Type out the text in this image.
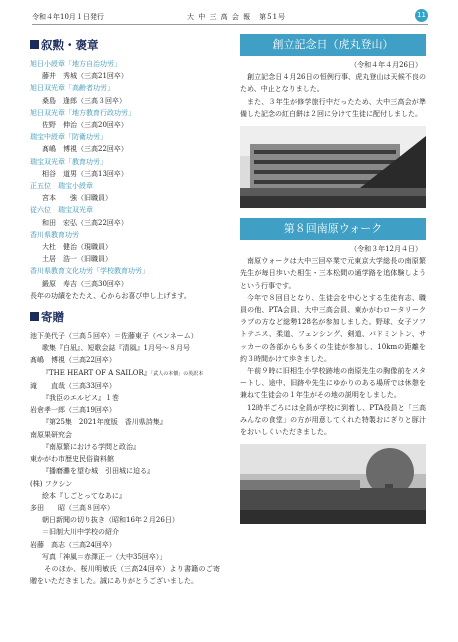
令和４年10月１日発行	大 中 三 高 会 報　第51号	11
叙勲・褒章
旭日小綬章「地方自治功労」
藤井　秀城（三高21回卒）
旭日双光章「高齢者功労」
桑島　逢郎（三高３回卒）
旭日双光章「地方教育行政功労」
佐野　伸治（三高20回卒）
瑞宝中綬章「防衛功労」
髙嶋　博視（三高22回卒）
瑞宝双光章「教育功労」
相谷　道男（三高13回卒）
正五位　瑞宝小綬章
宮本　　強（旧職員）
従六位　瑞宝双光章
和田　宏弘（三高22回卒）
香川県教育功労
大杜　健治（現職員）
土居　浩一（旧職員）
香川県教育文化功労「学校教育功労」
鍛原　寿吉（三高30回卒）
長年の功績をたたえ、心からお喜び申し上げます。
寄贈
池下美代子（三高５回卒）＝佐藤東子（ペンネーム）
歌集『白凪』、短歌会誌『清風』1月号～８月号
髙嶋　博視（三高22回卒）
『THE HEART OF A SAILOR』「武人の本懐」の英訳本
滝　　直哉（三高33回卒）
『我臣のエルビス』１巻
岩倉孝一郎（三高19回卒）
『第25集　2021年度版　香川県詩集』
南原果研究会
『南原繁における学問と政治』
東かがわ市歴史民俗資料館
『播磨灘を望む城　引田城に迫る』
(株) フクシン
絵本『しごとってなあに』
多田　　昭（三高８回卒）
朝日新聞の切り抜き（昭和16年２月26日）
＝旧制大川中学校の紹介
岩藤　高志（三高24回卒）
写真「神風＝赤澤正一（大中35回卒）」
　そのほか、桜川明敏氏（三高24回卒）より書籍のご寄贈をいただきました。誠にありがとうございました。
創立記念日（虎丸登山）
（令和４年４月26日）
創立記念日４月26日の恒例行事、虎丸登山は天候不良のため、中止となりました。
また、３年生が修学旅行中だったため、大中三高会が準備した記念の紅白餅は２回に分けて生徒に配付しました。
第８回南原ウォーク
（令和３年12月４日）
南原ウォークは大中三回卒業で元東京大学総長の南原繁先生が毎日歩いた相生・三本松間の通学路を追体験しようという行事です。
今年で８回目となり、生徒会を中心とする生徒有志、職員の他、PTA会員、大中三高会員、東かがわロータリークラブの方など総勢128名が参加しました。野球、女子ソフトテニス、柔道、フェンシング、剣道、バドミントン、サッカーの各部からも多くの生徒が参加し、10kmの距離を約３時間かけて歩きました。
午前９時に旧相生小学校跡地の南原先生の胸像前をスタートし、途中、旧跡や先生にゆかりのある場所では休憩を兼ねて生徒会の１年生がその地の説明をしました。
12時半ごろには全員が学校に到着し、PTA役員と「三高みんなの食堂」の方が用意してくれた特製おにぎりと豚汁をおいしくいただきました。
